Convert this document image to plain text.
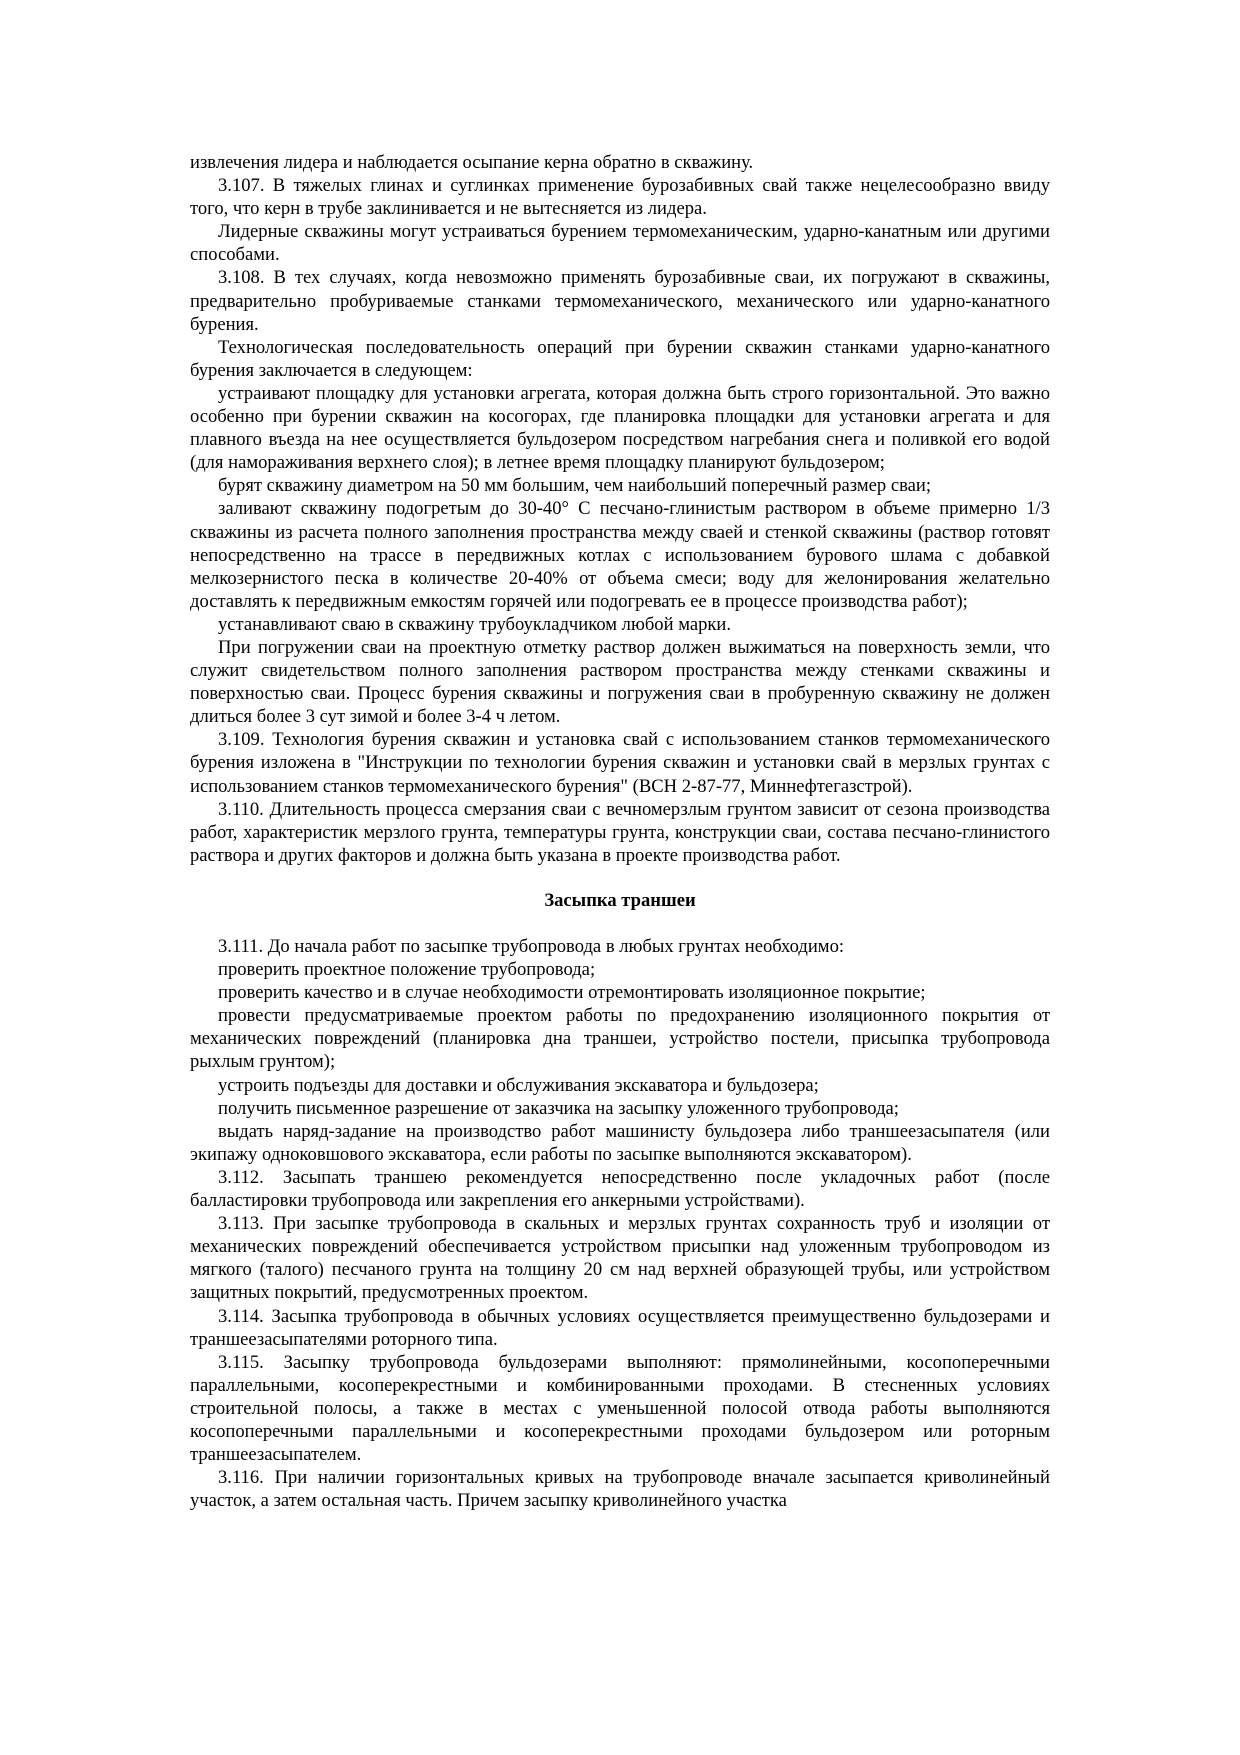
извлечения лидера и наблюдается осыпание керна обратно в скважину.

3.107. В тяжелых глинах и суглинках применение бурозабивных свай также нецелесообразно ввиду того, что керн в трубе заклинивается и не вытесняется из лидера.

Лидерные скважины могут устраиваться бурением термомеханическим, ударно-канатным или другими способами.

3.108. В тех случаях, когда невозможно применять бурозабивные сваи, их погружают в скважины, предварительно пробуриваемые станками термомеханического, механического или ударно-канатного бурения.

Технологическая последовательность операций при бурении скважин станками ударно-канатного бурения заключается в следующем:

устраивают площадку для установки агрегата, которая должна быть строго горизонтальной. Это важно особенно при бурении скважин на косогорах, где планировка площадки для установки агрегата и для плавного въезда на нее осуществляется бульдозером посредством нагребания снега и поливкой его водой (для намораживания верхнего слоя); в летнее время площадку планируют бульдозером;

бурят скважину диаметром на 50 мм большим, чем наибольший поперечный размер сваи;

заливают скважину подогретым до 30-40° С песчано-глинистым раствором в объеме примерно 1/3 скважины из расчета полного заполнения пространства между сваей и стенкой скважины (раствор готовят непосредственно на трассе в передвижных котлах с использованием бурового шлама с добавкой мелкозернистого песка в количестве 20-40% от объема смеси; воду для желонирования желательно доставлять к передвижным емкостям горячей или подогревать ее в процессе производства работ);

устанавливают сваю в скважину трубоукладчиком любой марки.

При погружении сваи на проектную отметку раствор должен выжиматься на поверхность земли, что служит свидетельством полного заполнения раствором пространства между стенками скважины и поверхностью сваи. Процесс бурения скважины и погружения сваи в пробуренную скважину не должен длиться более 3 сут зимой и более 3-4 ч летом.

3.109. Технология бурения скважин и установка свай с использованием станков термомеханического бурения изложена в "Инструкции по технологии бурения скважин и установки свай в мерзлых грунтах с использованием станков термомеханического бурения" (ВСН 2-87-77, Миннефтегазстрой).

3.110. Длительность процесса смерзания сваи с вечномерзлым грунтом зависит от сезона производства работ, характеристик мерзлого грунта, температуры грунта, конструкции сваи, состава песчано-глинистого раствора и других факторов и должна быть указана в проекте производства работ.

Засыпка траншеи

3.111. До начала работ по засыпке трубопровода в любых грунтах необходимо:

проверить проектное положение трубопровода;

проверить качество и в случае необходимости отремонтировать изоляционное покрытие;

провести предусматриваемые проектом работы по предохранению изоляционного покрытия от механических повреждений (планировка дна траншеи, устройство постели, присыпка трубопровода рыхлым грунтом);

устроить подъезды для доставки и обслуживания экскаватора и бульдозера;

получить письменное разрешение от заказчика на засыпку уложенного трубопровода;

выдать наряд-задание на производство работ машинисту бульдозера либо траншеезасыпателя (или экипажу одноковшового экскаватора, если работы по засыпке выполняются экскаватором).

3.112. Засыпать траншею рекомендуется непосредственно после укладочных работ (после балластировки трубопровода или закрепления его анкерными устройствами).

3.113. При засыпке трубопровода в скальных и мерзлых грунтах сохранность труб и изоляции от механических повреждений обеспечивается устройством присыпки над уложенным трубопроводом из мягкого (талого) песчаного грунта на толщину 20 см над верхней образующей трубы, или устройством защитных покрытий, предусмотренных проектом.

3.114. Засыпка трубопровода в обычных условиях осуществляется преимущественно бульдозерами и траншеезасыпателями роторного типа.

3.115. Засыпку трубопровода бульдозерами выполняют: прямолинейными, косопоперечными параллельными, косоперекрестными и комбинированными проходами. В стесненных условиях строительной полосы, а также в местах с уменьшенной полосой отвода работы выполняются косопоперечными параллельными и косоперекрестными проходами бульдозером или роторным траншеезасыпателем.

3.116. При наличии горизонтальных кривых на трубопроводе вначале засыпается криволинейный участок, а затем остальная часть. Причем засыпку криволинейного участка
